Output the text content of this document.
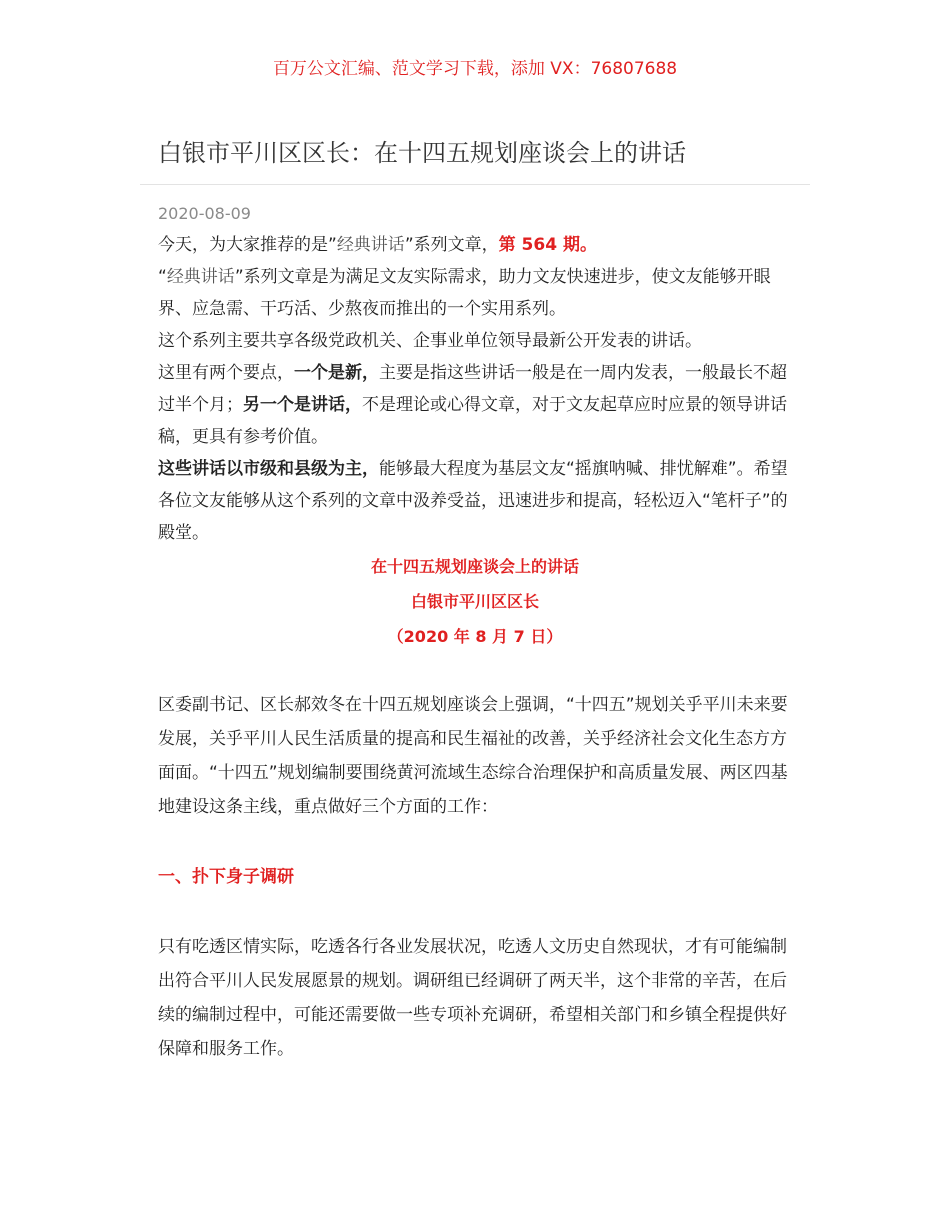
百万公文汇编、范文学习下载，添加 VX：76807688
白银市平川区区长：在十四五规划座谈会上的讲话
2020-08-09

今天，为大家推荐的是”经典讲话”系列文章，第 564 期。

“经典讲话”系列文章是为满足文友实际需求，助力文友快速进步，使文友能够开眼界、应急需、干巧活、少熬夜而推出的一个实用系列。

这个系列主要共享各级党政机关、企事业单位领导最新公开发表的讲话。

这里有两个要点，一个是新，主要是指这些讲话一般是在一周内发表，一般最长不超过半个月；另一个是讲话，不是理论或心得文章，对于文友起草应时应景的领导讲话稿，更具有参考价值。

这些讲话以市级和县级为主，能够最大程度为基层文友“摇旗呐喊、排忧解难”。希望各位文友能够从这个系列的文章中汲养受益，迅速进步和提高，轻松迈入“笔杆子”的殿堂。

在十四五规划座谈会上的讲话
白银市平川区区长
（2020 年 8 月 7 日）

区委副书记、区长郝效冬在十四五规划座谈会上强调，“十四五”规划关乎平川未来要发展，关乎平川人民生活质量的提高和民生福祉的改善，关乎经济社会文化生态方方面面。“十四五”规划编制要围绕黄河流域生态综合治理保护和高质量发展、两区四基地建设这条主线，重点做好三个方面的工作：

一、扑下身子调研

只有吃透区情实际，吃透各行各业发展状况，吃透人文历史自然现状，才有可能编制出符合平川人民发展愿景的规划。调研组已经调研了两天半，这个非常的辛苦，在后续的编制过程中，可能还需要做一些专项补充调研，希望相关部门和乡镇全程提供好保障和服务工作。
